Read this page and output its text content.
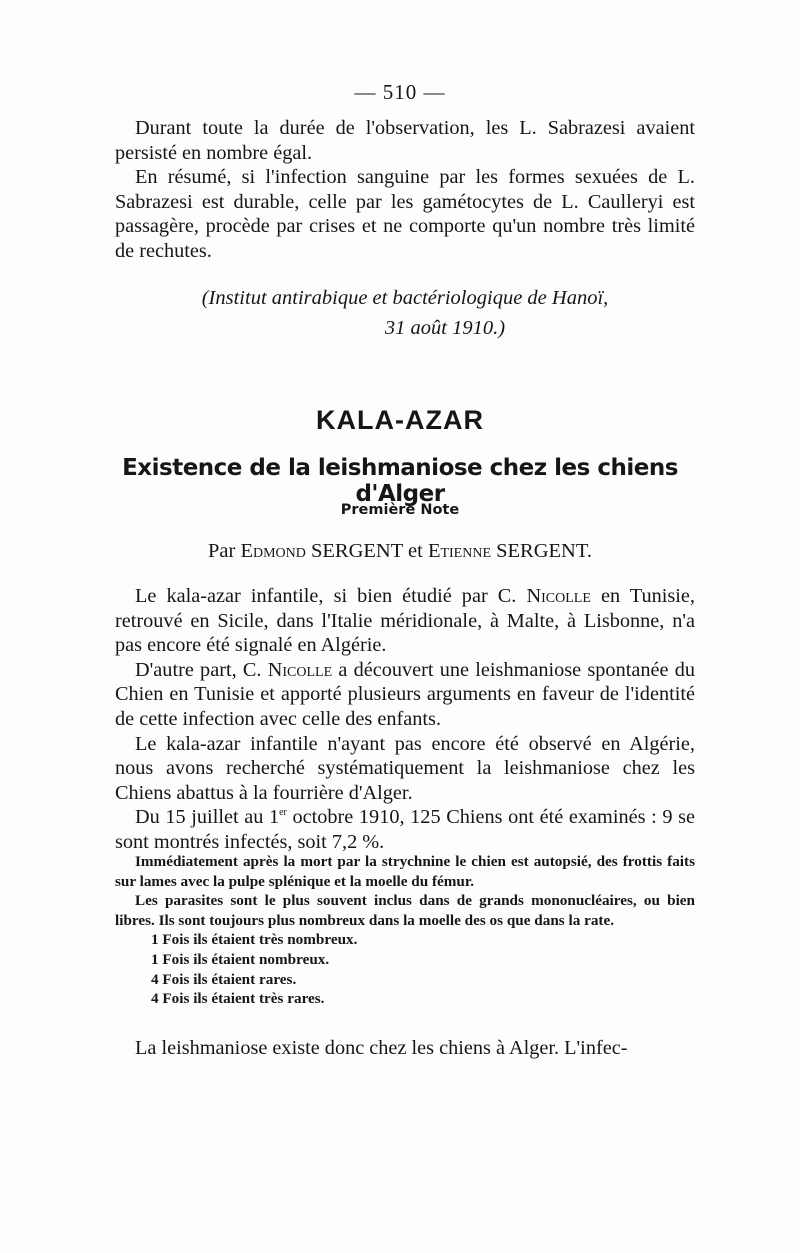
— 510 —

Durant toute la durée de l'observation, les L. Sabrazesi avaient persisté en nombre égal.

En résumé, si l'infection sanguine par les formes sexuées de L. Sabrazesi est durable, celle par les gamétocytes de L. Caulleryi est passagère, procède par crises et ne comporte qu'un nombre très limité de rechutes.

(Institut antirabique et bactériologique de Hanoï,
31 août 1910.)
KALA-AZAR
Existence de la leishmaniose chez les chiens d'Alger
Première Note
Par Edmond SERGENT et Etienne SERGENT.

Le kala-azar infantile, si bien étudié par C. Nicolle en Tunisie, retrouvé en Sicile, dans l'Italie méridionale, à Malte, à Lisbonne, n'a pas encore été signalé en Algérie.

D'autre part, C. Nicolle a découvert une leishmaniose spontanée du Chien en Tunisie et apporté plusieurs arguments en faveur de l'identité de cette infection avec celle des enfants.

Le kala-azar infantile n'ayant pas encore été observé en Algérie, nous avons recherché systématiquement la leishmaniose chez les Chiens abattus à la fourrière d'Alger.

Du 15 juillet au 1er octobre 1910, 125 Chiens ont été examinés : 9 se sont montrés infectés, soit 7,2 %.

Immédiatement après la mort par la strychnine le chien est autopsié, des frottis faits sur lames avec la pulpe splénique et la moelle du fémur.

Les parasites sont le plus souvent inclus dans de grands mononucléaires, ou bien libres. Ils sont toujours plus nombreux dans la moelle des os que dans la rate.

1 Fois ils étaient très nombreux.

1 Fois ils étaient nombreux.

4 Fois ils étaient rares.

4 Fois ils étaient très rares.

La leishmaniose existe donc chez les chiens à Alger. L'infec-
